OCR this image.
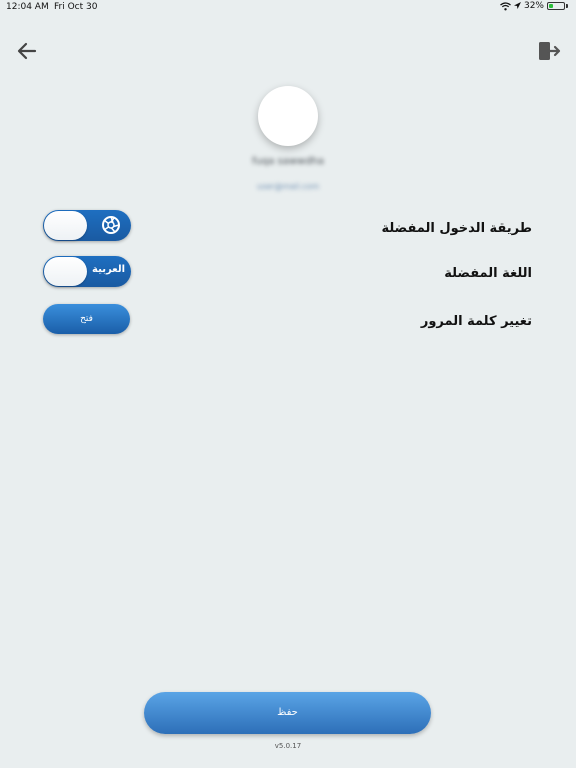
12:04 AM Fri Oct 30	32%
fuqa sawwdha
user@mail.com
طريقة الدخول المفضلة
اللغة المفضلة
العربية
تغيير كلمة المرور
فتح
حفظ
v5.0.17
